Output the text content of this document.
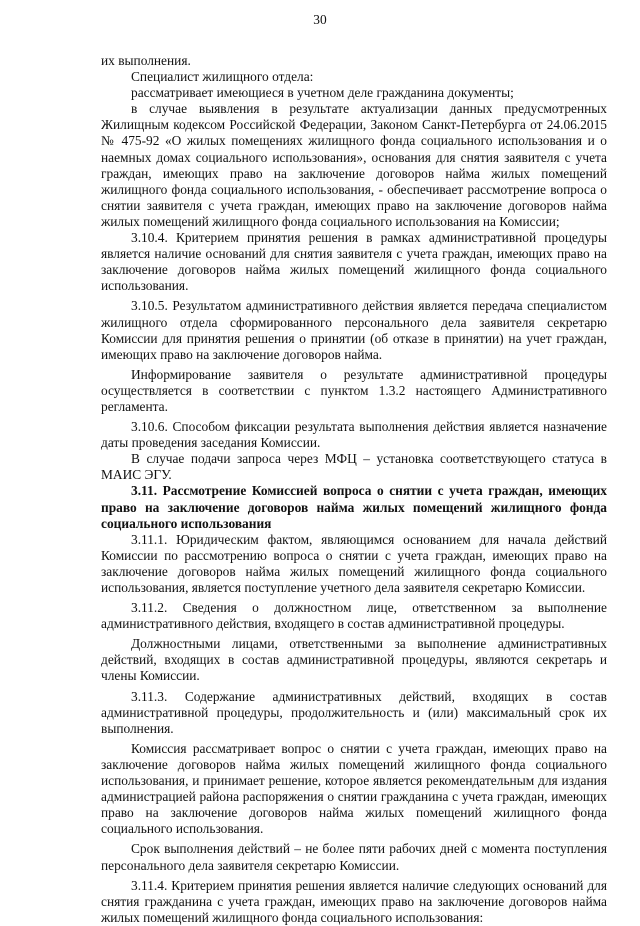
30

их выполнения.

Специалист жилищного отдела:

рассматривает имеющиеся в учетном деле гражданина документы;

в случае выявления в результате актуализации данных предусмотренных Жилищным кодексом Российской Федерации, Законом Санкт-Петербурга от 24.06.2015 № 475-92 «О жилых помещениях жилищного фонда социального использования и о наемных домах социального использования», основания для снятия заявителя с учета граждан, имеющих право на заключение договоров найма жилых помещений жилищного фонда социального использования, - обеспечивает рассмотрение вопроса о снятии заявителя с учета граждан, имеющих право на заключение договоров найма жилых помещений жилищного фонда социального использования на Комиссии;

3.10.4. Критерием принятия решения в рамках административной процедуры является наличие оснований для снятия заявителя с учета граждан, имеющих право на заключение договоров найма жилых помещений жилищного фонда социального использования.

3.10.5. Результатом административного действия является передача специалистом жилищного отдела сформированного персонального дела заявителя секретарю Комиссии для принятия решения о принятии (об отказе в принятии) на учет граждан, имеющих право на заключение договоров найма.

Информирование заявителя о результате административной процедуры осуществляется в соответствии с пунктом 1.3.2 настоящего Административного регламента.

3.10.6. Способом фиксации результата выполнения действия является назначение даты проведения заседания Комиссии.

В случае подачи запроса через МФЦ – установка соответствующего статуса в МАИС ЭГУ.

3.11. Рассмотрение Комиссией вопроса о снятии с учета граждан, имеющих право на заключение договоров найма жилых помещений жилищного фонда социального использования

3.11.1. Юридическим фактом, являющимся основанием для начала действий Комиссии по рассмотрению вопроса о снятии с учета граждан, имеющих право на заключение договоров найма жилых помещений жилищного фонда социального использования, является поступление учетного дела заявителя секретарю Комиссии.

3.11.2. Сведения о должностном лице, ответственном за выполнение административного действия, входящего в состав административной процедуры.

Должностными лицами, ответственными за выполнение административных действий, входящих в состав административной процедуры, являются секретарь и члены Комиссии.

3.11.3. Содержание административных действий, входящих в состав административной процедуры, продолжительность и (или) максимальный срок их выполнения.

Комиссия рассматривает вопрос о снятии с учета граждан, имеющих право на заключение договоров найма жилых помещений жилищного фонда социального использования, и принимает решение, которое является рекомендательным для издания администрацией района распоряжения о снятии гражданина с учета граждан, имеющих право на заключение договоров найма жилых помещений жилищного фонда социального использования.

Срок выполнения действий – не более пяти рабочих дней с момента поступления персонального дела заявителя секретарю Комиссии.

3.11.4. Критерием принятия решения является наличие следующих оснований для снятия гражданина с учета граждан, имеющих право на заключение договоров найма жилых помещений жилищного фонда социального использования:
